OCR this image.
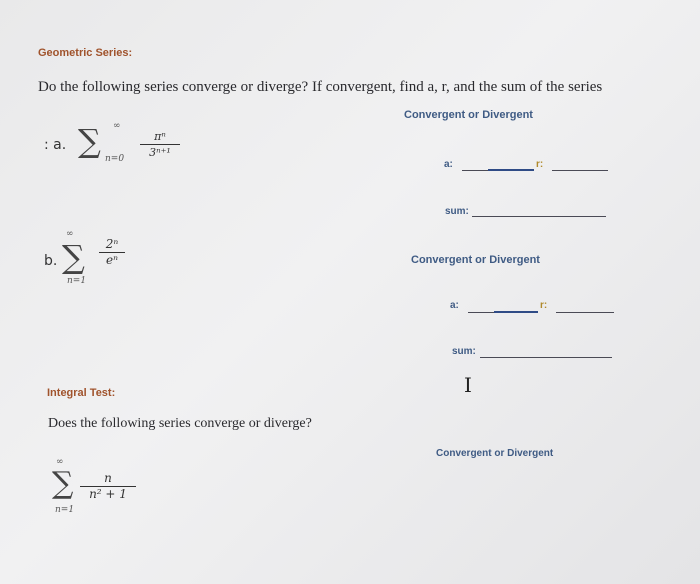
Geometric Series:
Do the following series converge or diverge? If convergent, find a, r, and the sum of the series
Convergent or Divergent
: a. ∑ ∞
n=0
πⁿ
3ⁿ⁺¹
a:	r:
sum:
b.
∞
∑
n=1
2ⁿ
eⁿ	Convergent or Divergent
a:	r:
sum:
I
Integral Test:
Does the following series converge or diverge?
Convergent or Divergent
∞
∑
n=1
n
n² + 1
